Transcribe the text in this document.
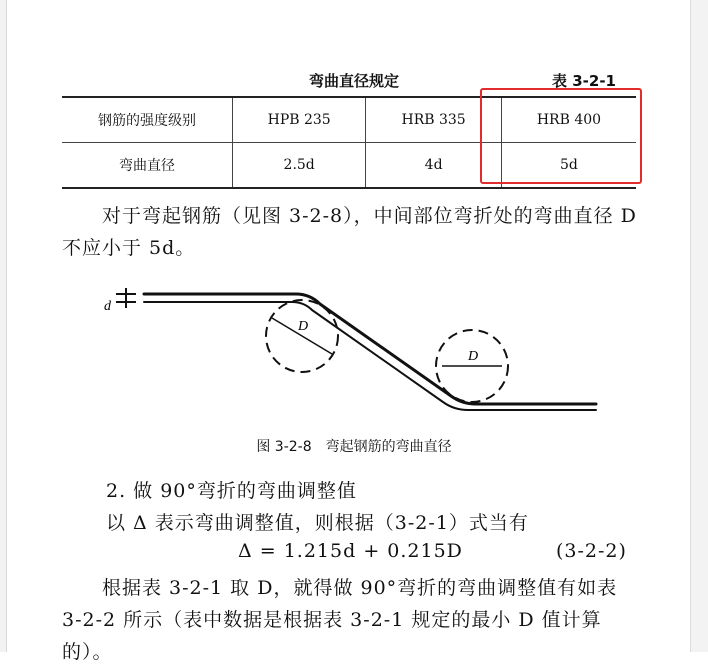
弯曲直径规定	表 3-2-1
钢筋的强度级别	HPB 235	HRB 335	HRB 400
弯曲直径	2.5d	4d	5d
对于弯起钢筋（见图 3-2-8），中间部位弯折处的弯曲直径 D 不应小于 5d。
d
D
D
图 3-2-8　弯起钢筋的弯曲直径
2. 做 90°弯折的弯曲调整值
以 Δ 表示弯曲调整值，则根据（3-2-1）式当有
Δ = 1.215d + 0.215D	(3-2-2)
根据表 3-2-1 取 D，就得做 90°弯折的弯曲调整值有如表 3-2-2 所示（表中数据是根据表 3-2-1 规定的最小 D 值计算的）。
